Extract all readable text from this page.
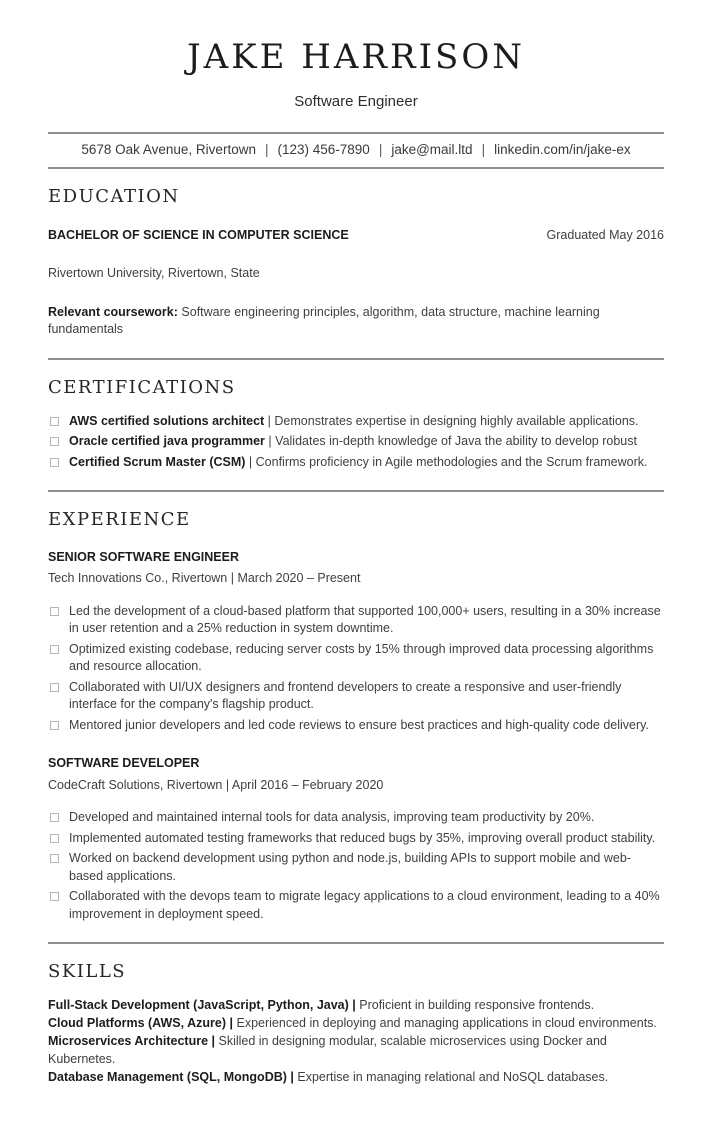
JAKE HARRISON
Software Engineer
5678 Oak Avenue, Rivertown | (123) 456-7890 | jake@mail.ltd | linkedin.com/in/jake-ex
EDUCATION
BACHELOR OF SCIENCE IN COMPUTER SCIENCE	Graduated May 2016

Rivertown University, Rivertown, State

Relevant coursework: Software engineering principles, algorithm, data structure, machine learning fundamentals

CERTIFICATIONS
AWS certified solutions architect | Demonstrates expertise in designing highly available applications.
Oracle certified java programmer | Validates in-depth knowledge of Java the ability to develop robust
Certified Scrum Master (CSM) | Confirms proficiency in Agile methodologies and the Scrum framework.
EXPERIENCE
SENIOR SOFTWARE ENGINEER
Tech Innovations Co., Rivertown | March 2020 – Present
Led the development of a cloud-based platform that supported 100,000+ users, resulting in a 30% increase in user retention and a 25% reduction in system downtime.
Optimized existing codebase, reducing server costs by 15% through improved data processing algorithms and resource allocation.
Collaborated with UI/UX designers and frontend developers to create a responsive and user-friendly interface for the company's flagship product.
Mentored junior developers and led code reviews to ensure best practices and high-quality code delivery.
SOFTWARE DEVELOPER
CodeCraft Solutions, Rivertown | April 2016 – February 2020
Developed and maintained internal tools for data analysis, improving team productivity by 20%.
Implemented automated testing frameworks that reduced bugs by 35%, improving overall product stability.
Worked on backend development using python and node.js, building APIs to support mobile and web-based applications.
Collaborated with the devops team to migrate legacy applications to a cloud environment, leading to a 40% improvement in deployment speed.
SKILLS
Full-Stack Development (JavaScript, Python, Java) | Proficient in building responsive frontends.
Cloud Platforms (AWS, Azure) | Experienced in deploying and managing applications in cloud environments.
Microservices Architecture | Skilled in designing modular, scalable microservices using Docker and Kubernetes.
Database Management (SQL, MongoDB) | Expertise in managing relational and NoSQL databases.
